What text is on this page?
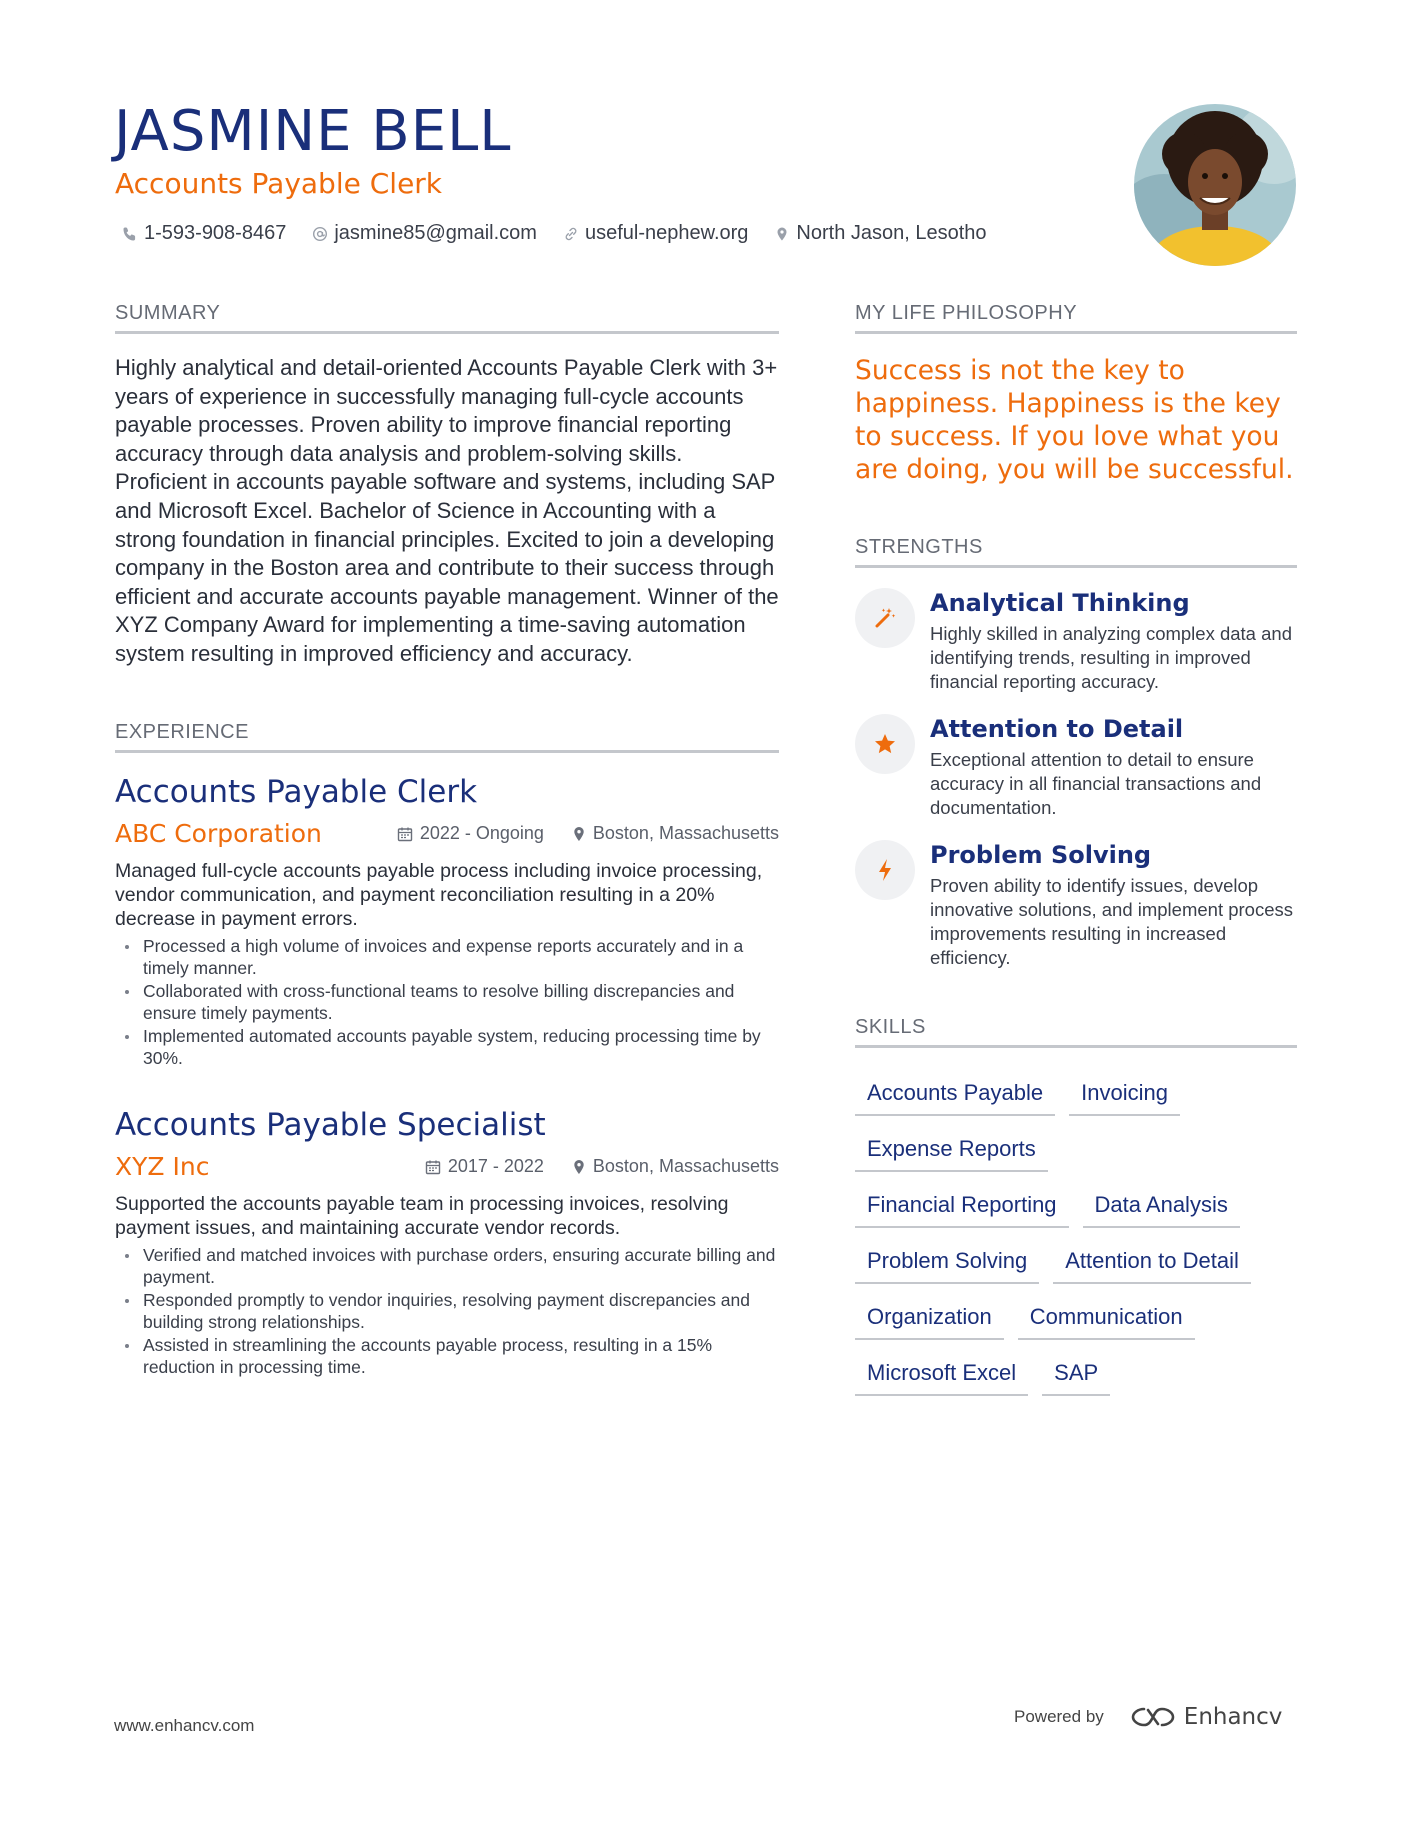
JASMINE BELL
Accounts Payable Clerk
1-593-908-8467 jasmine85@gmail.com useful-nephew.org North Jason, Lesotho
SUMMARY

Highly analytical and detail-oriented Accounts Payable Clerk with 3+ years of experience in successfully managing full-cycle accounts payable processes. Proven ability to improve financial reporting accuracy through data analysis and problem-solving skills. Proficient in accounts payable software and systems, including SAP and Microsoft Excel. Bachelor of Science in Accounting with a strong foundation in financial principles. Excited to join a developing company in the Boston area and contribute to their success through efficient and accurate accounts payable management. Winner of the XYZ Company Award for implementing a time-saving automation system resulting in improved efficiency and accuracy.

EXPERIENCE
Accounts Payable Clerk
ABC Corporation	2022 - Ongoing	Boston, Massachusetts

Managed full-cycle accounts payable process including invoice processing, vendor communication, and payment reconciliation resulting in a 20% decrease in payment errors.

Processed a high volume of invoices and expense reports accurately and in a timely manner.
Collaborated with cross-functional teams to resolve billing discrepancies and ensure timely payments.
Implemented automated accounts payable system, reducing processing time by 30%.
Accounts Payable Specialist
XYZ Inc	2017 - 2022	Boston, Massachusetts

Supported the accounts payable team in processing invoices, resolving payment issues, and maintaining accurate vendor records.

Verified and matched invoices with purchase orders, ensuring accurate billing and payment.
Responded promptly to vendor inquiries, resolving payment discrepancies and building strong relationships.
Assisted in streamlining the accounts payable process, resulting in a 15% reduction in processing time.
MY LIFE PHILOSOPHY

Success is not the key to happiness. Happiness is the key to success. If you love what you are doing, you will be successful.

STRENGTHS
Analytical Thinking

Highly skilled in analyzing complex data and identifying trends, resulting in improved financial reporting accuracy.

Attention to Detail

Exceptional attention to detail to ensure accuracy in all financial transactions and documentation.

Problem Solving

Proven ability to identify issues, develop innovative solutions, and implement process improvements resulting in increased efficiency.

SKILLS
Accounts Payable	Invoicing
Expense Reports
Financial Reporting	Data Analysis
Problem Solving	Attention to Detail
Organization	Communication
Microsoft Excel	SAP
www.enhancv.com	Powered by	Enhancv
